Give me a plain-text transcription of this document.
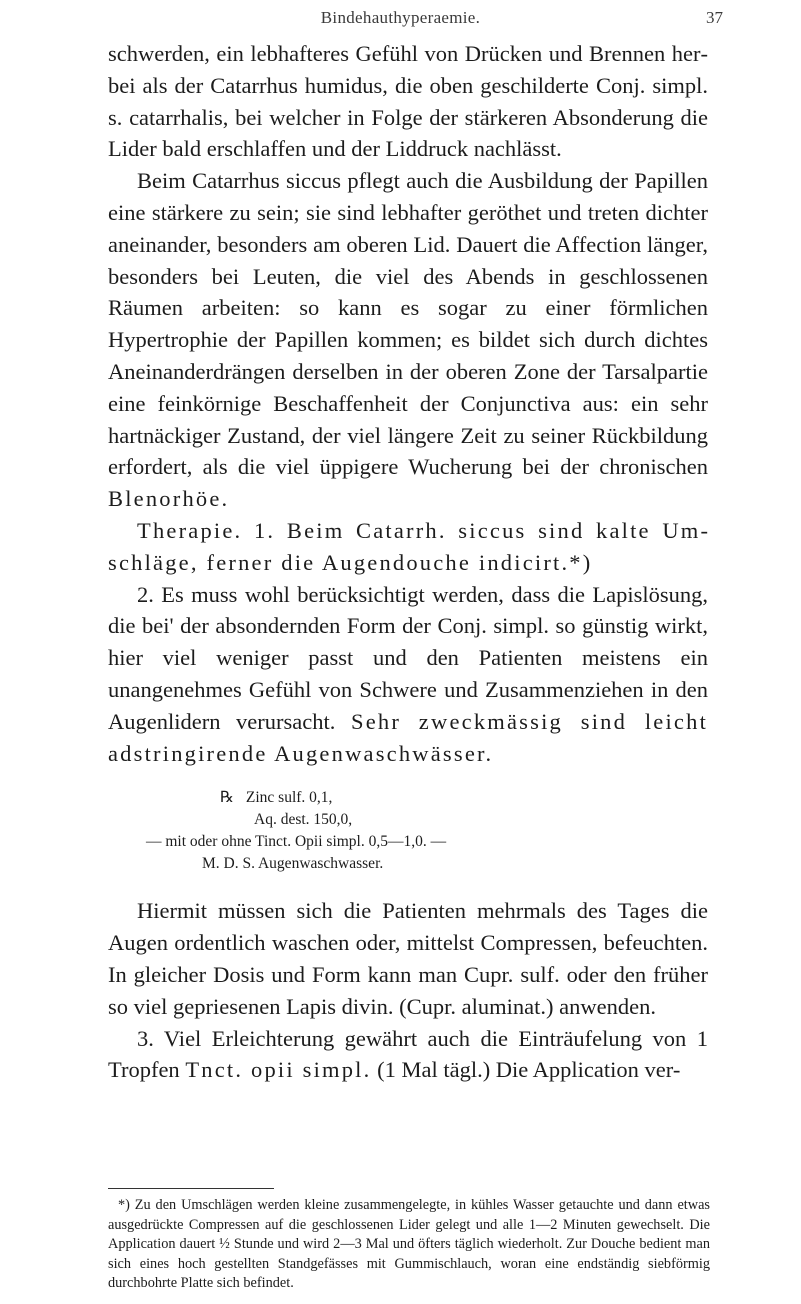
Bindehauthyperaemie.	37

schwerden, ein lebhafteres Gefühl von Drücken und Brennen herbei als der Catarrhus humidus, die oben geschilderte Conj. simpl. s. catarrhalis, bei welcher in Folge der stärkeren Absonderung die Lider bald erschlaffen und der Liddruck nachlässt.

Beim Catarrhus siccus pflegt auch die Ausbildung der Papillen eine stärkere zu sein; sie sind lebhafter geröthet und treten dichter aneinander, besonders am oberen Lid. Dauert die Affection länger, besonders bei Leuten, die viel des Abends in geschlossenen Räumen arbeiten: so kann es sogar zu einer förmlichen Hypertrophie der Papillen kommen; es bildet sich durch dichtes Aneinanderdrängen derselben in der oberen Zone der Tarsalpartie eine feinkörnige Beschaffenheit der Conjunctiva aus: ein sehr hartnäckiger Zustand, der viel längere Zeit zu seiner Rückbildung erfordert, als die viel üppigere Wucherung bei der chronischen Blenorhöe.

Therapie. 1. Beim Catarrh. siccus sind kalte Umschläge, ferner die Augendouche indicirt.*)

2. Es muss wohl berücksichtigt werden, dass die Lapislösung, die bei' der absondernden Form der Conj. simpl. so günstig wirkt, hier viel weniger passt und den Patienten meistens ein unangenehmes Gefühl von Schwere und Zusammenziehen in den Augenlidern verursacht. Sehr zweckmässig sind leicht adstringirende Augenwaschwässer.

℞ Zinc sulf. 0,1,
Aq. dest. 150,0,
— mit oder ohne Tinct. Opii simpl. 0,5—1,0. —
M. D. S. Augenwaschwasser.

Hiermit müssen sich die Patienten mehrmals des Tages die Augen ordentlich waschen oder, mittelst Compressen, befeuchten. In gleicher Dosis und Form kann man Cupr. sulf. oder den früher so viel gepriesenen Lapis divin. (Cupr. aluminat.) anwenden.

3. Viel Erleichterung gewährt auch die Einträufelung von 1 Tropfen Tnct. opii simpl. (1 Mal tägl.) Die Application ver-

*) Zu den Umschlägen werden kleine zusammengelegte, in kühles Wasser getauchte und dann etwas ausgedrückte Compressen auf die geschlossenen Lider gelegt und alle 1—2 Minuten gewechselt. Die Application dauert ½ Stunde und wird 2—3 Mal und öfters täglich wiederholt. Zur Douche bedient man sich eines hoch gestellten Standgefässes mit Gummischlauch, woran eine endständig siebförmig durchbohrte Platte sich befindet.
